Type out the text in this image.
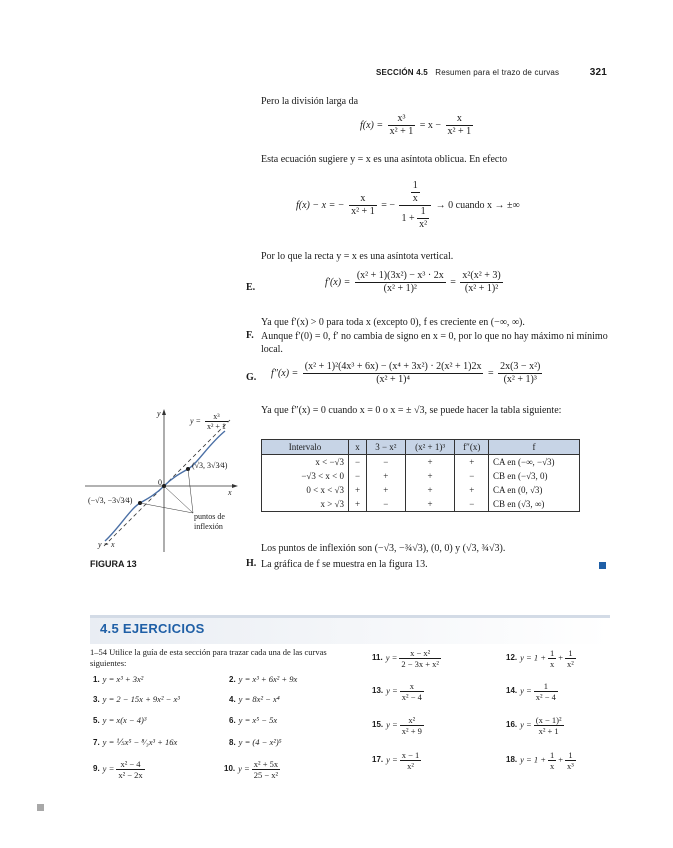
SECCIÓN 4.5 Resumen para el trazo de curvas	321
Pero la división larga da
$f(x) = \frac{\text{x³}}{\text{x² + 1}} = x - \frac{x}{\text{x² + 1}}$
Esta ecuación sugiere y = x es una asíntota oblicua. En efecto
f(x) − x = − $\frac{x}{\text{x² + 1}}$ = − $\frac{\frac{1}{x}}{1 + \frac{1}{\text{x²}}} \to 0$ cuando x → ±∞
Por lo que la recta y = x es una asíntota vertical.
E.	$f'(x) = \frac{\text{(x² + 1)(3x²) − x³ · 2x}}{\text{(x² + 1)²}} = \frac{\text{x²(x² + 3)}}{\text{(x² + 1)²}}$
Ya que f′(x) > 0 para toda x (excepto 0), f es creciente en (−∞, ∞).
F. Aunque f′(0) = 0, f′ no cambia de signo en x = 0, por lo que no hay máximo ni mínimo local.
G. $f''(x) = \frac{\text{(x² + 1)²(4x³ + 6x) − (x⁴ + 3x²) · 2(x² + 1)2x}}{\text{(x² + 1)⁴}} = \frac{\text{2x(3 − x²)}}{\text{(x² + 1)³}}$
Ya que f″(x) = 0 cuando x = 0 o x = ± √3, se puede hacer la tabla siguiente:
Intervalo	x	3 − x²	(x² + 1)³	f″(x)	f
x < −√3	−	−	+	+	CA en (−∞, −√3)
−√3 < x < 0	−	+	+	−	CB en (−√3, 0)
0 < x < √3	+	+	+	+	CA en (0, √3)
x > √3	+	−	+	−	CB en (√3, ∞)
Los puntos de inflexión son (−√3, −¾√3), (0, 0) y (√3, ¾√3).
H. La gráfica de f se muestra en la figura 13.
y
x
0
$y = \frac{\text{x³}}{\text{x² + 1}}$
(√3, 3√3⁄4)
(−√3, −3√3⁄4)
puntos de inflexión
y = x
FIGURA 13
4.5 EJERCICIOS
1–54 Utilice la guía de esta sección para trazar cada una de las curvas siguientes:
1. y = x³ + 3x²	2. y = x³ + 6x² + 9x
3. y = 2 − 15x + 9x² − x³	4. y = 8x² − x⁴
5. y = x(x − 4)³	6. y = x⁵ − 5x
7. y = ⅕x⁵ − ⁸⁄₃x³ + 16x	8. y = (4 − x²)⁵
9. $y = \frac{\text{x² − 4}}{\text{x² − 2x}}$	10. $y = \frac{\text{x² + 5x}}{\text{25 − x²}}$
11. $y = \frac{\text{x − x²}}{\text{2 − 3x + x²}}$	12. $y = 1 + \frac{1}{x} + \frac{1}{\text{x²}}$
13. $y = \frac{x}{\text{x² − 4}}$	14. $y = \frac{1}{\text{x² − 4}}$
15. $y = \frac{\text{x²}}{\text{x² + 9}}$	16. $y = \frac{\text{(x − 1)²}}{\text{x² + 1}}$
17. $y = \frac{x - 1}{\text{x²}}$	18. $y = 1 + \frac{1}{x} + \frac{1}{\text{x³}}$
